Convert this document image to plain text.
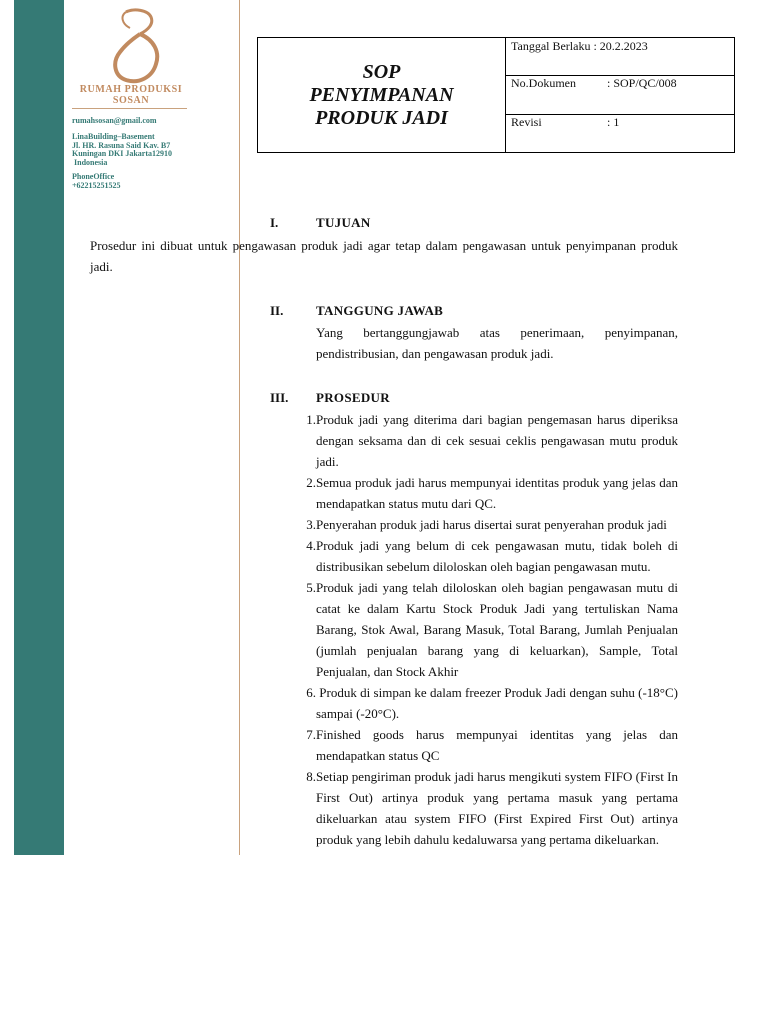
RUMAH PRODUKSI
SOSAN
rumahsosan@gmail.com
LinaBuilding–Basement
Jl. HR. Rasuna Said Kav. B7
Kuningan DKI Jakarta12910
Indonesia
PhoneOffice
+62215251525
SOP
PENYIMPANAN
PRODUK JADI
Tanggal Berlaku : 20.2.2023
No.Dokumen	: SOP/QC/008
Revisi	: 1
I.	TUJUAN
Prosedur ini dibuat untuk pengawasan produk jadi agar tetap dalam pengawasan untuk penyimpanan produk jadi.
II.	TANGGUNG JAWAB
Yang bertanggungjawab atas penerimaan, penyimpanan, pendistribusian, dan pengawasan produk jadi.
III. PROSEDUR
1. Produk jadi yang diterima dari bagian pengemasan harus diperiksa dengan seksama dan di cek sesuai ceklis pengawasan mutu produk jadi.
2. Semua produk jadi harus mempunyai identitas produk yang jelas dan mendapatkan status mutu dari QC.
3. Penyerahan produk jadi harus disertai surat penyerahan produk jadi
4. Produk jadi yang belum di cek pengawasan mutu, tidak boleh di distribusikan sebelum diloloskan oleh bagian pengawasan mutu.
5. Produk jadi yang telah diloloskan oleh bagian pengawasan mutu di catat ke dalam Kartu Stock Produk Jadi yang tertuliskan Nama Barang, Stok Awal, Barang Masuk, Total Barang, Jumlah Penjualan (jumlah penjualan barang yang di keluarkan), Sample, Total Penjualan, dan Stock Akhir
6. Produk di simpan ke dalam freezer Produk Jadi dengan suhu (-18°C) sampai (-20°C).
7. Finished goods harus mempunyai identitas yang jelas dan mendapatkan status QC
8. Setiap pengiriman produk jadi harus mengikuti system FIFO (First In First Out) artinya produk yang pertama masuk yang pertama dikeluarkan atau system FIFO (First Expired First Out) artinya produk yang lebih dahulu kedaluwarsa yang pertama dikeluarkan.
